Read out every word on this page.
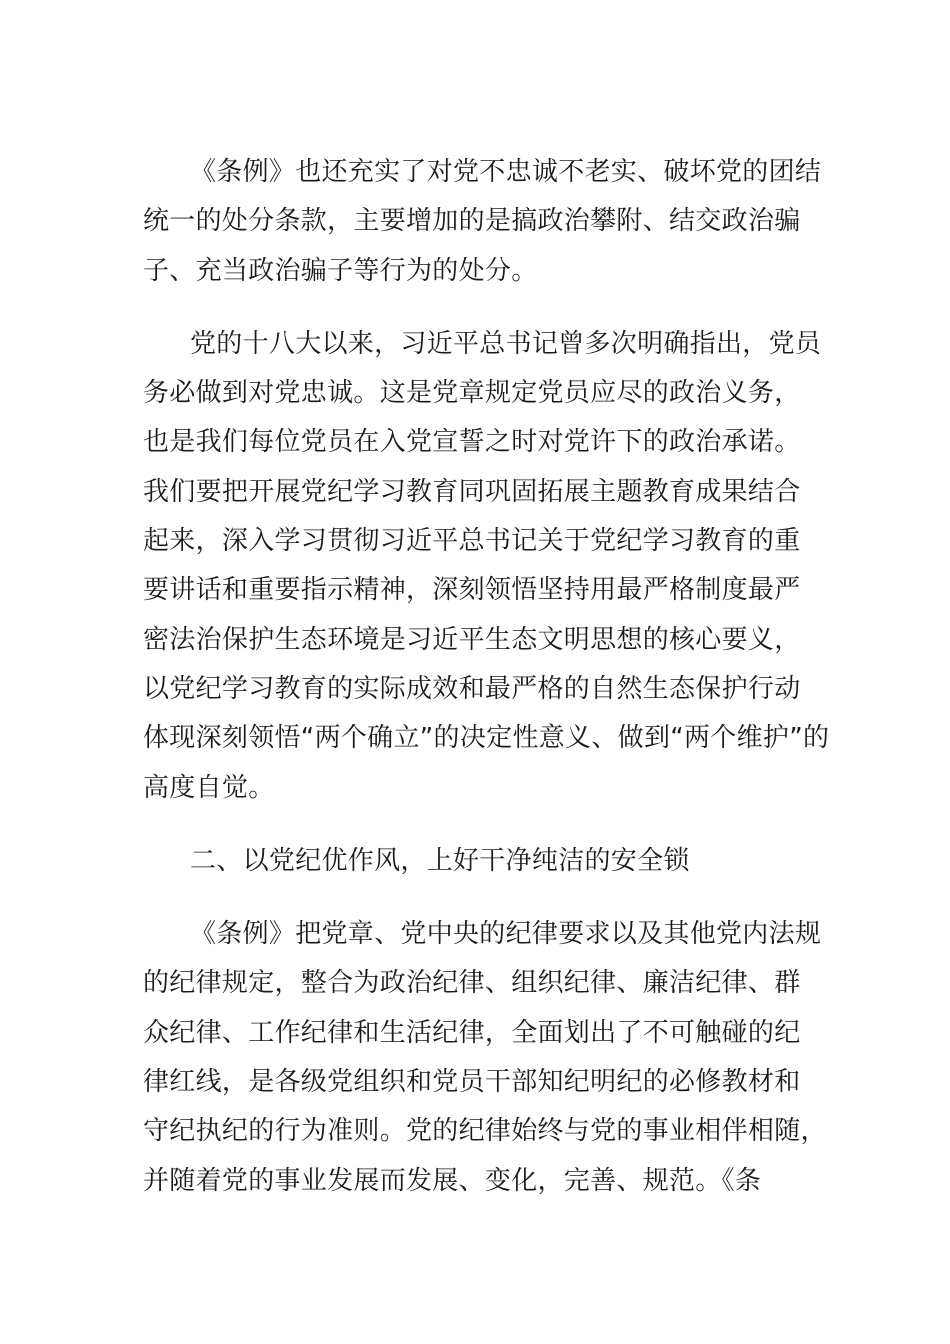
《条例》也还充实了对党不忠诚不老实、破坏党的团结
统一的处分条款，主要增加的是搞政治攀附、结交政治骗
子、充当政治骗子等行为的处分。

党的十八大以来，习近平总书记曾多次明确指出，党员
务必做到对党忠诚。这是党章规定党员应尽的政治义务，
也是我们每位党员在入党宣誓之时对党许下的政治承诺。
我们要把开展党纪学习教育同巩固拓展主题教育成果结合
起来，深入学习贯彻习近平总书记关于党纪学习教育的重
要讲话和重要指示精神，深刻领悟坚持用最严格制度最严
密法治保护生态环境是习近平生态文明思想的核心要义，
以党纪学习教育的实际成效和最严格的自然生态保护行动
体现深刻领悟“两个确立”的决定性意义、做到“两个维护”的
高度自觉。

二、以党纪优作风，上好干净纯洁的安全锁

《条例》把党章、党中央的纪律要求以及其他党内法规
的纪律规定，整合为政治纪律、组织纪律、廉洁纪律、群
众纪律、工作纪律和生活纪律，全面划出了不可触碰的纪
律红线，是各级党组织和党员干部知纪明纪的必修教材和
守纪执纪的行为准则。党的纪律始终与党的事业相伴相随，
并随着党的事业发展而发展、变化，完善、规范。《条
